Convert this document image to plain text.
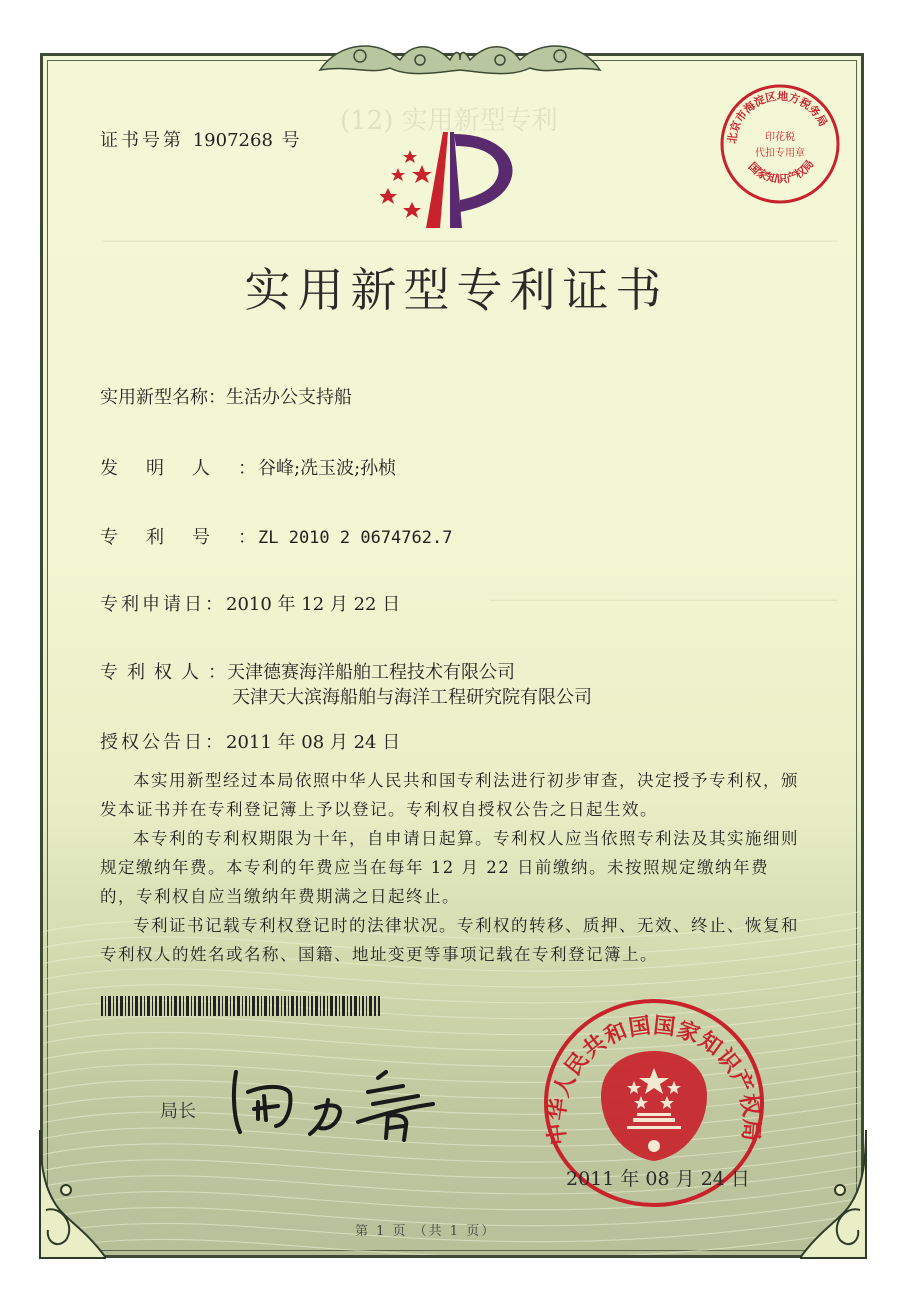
(12) 实用新型专利
证书号第 1907268 号
实用新型专利证书
实用新型名称：生活办公支持船
发明人：谷峰;冼玉波;孙桢
专利号：ZL 2010 2 0674762.7
专利申请日：2010 年 12 月 22 日
专利权人：天津德赛海洋船舶工程技术有限公司
天津天大滨海船舶与海洋工程研究院有限公司
授权公告日：2011 年 08 月 24 日

本实用新型经过本局依照中华人民共和国专利法进行初步审查，决定授予专利权，颁发本证书并在专利登记簿上予以登记。专利权自授权公告之日起生效。

本专利的专利权期限为十年，自申请日起算。专利权人应当依照专利法及其实施细则规定缴纳年费。本专利的年费应当在每年 12 月 22 日前缴纳。未按照规定缴纳年费的，专利权自应当缴纳年费期满之日起终止。

专利证书记载专利权登记时的法律状况。专利权的转移、质押、无效、终止、恢复和专利权人的姓名或名称、国籍、地址变更等事项记载在专利登记簿上。

局长
北京市海淀区地方税务局
国家知识产权局
印花税
代扣专用章
中华人民共和国国家知识产权局
2011 年 08 月 24 日
第 1 页 （共 1 页）
